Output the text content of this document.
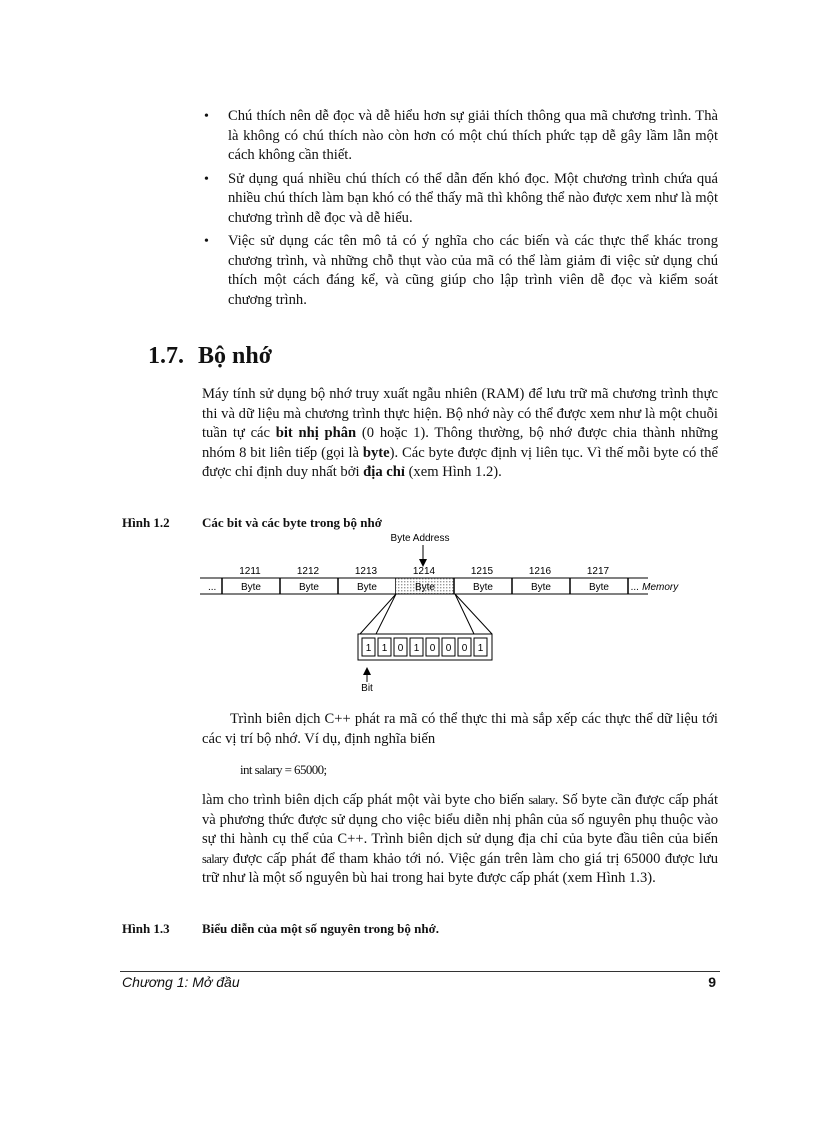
• Chú thích nên dễ đọc và dễ hiểu hơn sự giải thích thông qua mã chương trình. Thà là không có chú thích nào còn hơn có một chú thích phức tạp dễ gây lầm lẫn một cách không cần thiết.
• Sử dụng quá nhiều chú thích có thể dẫn đến khó đọc. Một chương trình chứa quá nhiều chú thích làm bạn khó có thể thấy mã thì không thể nào được xem như là một chương trình dễ đọc và dễ hiểu.
• Việc sử dụng các tên mô tả có ý nghĩa cho các biến và các thực thể khác trong chương trình, và những chỗ thụt vào của mã có thể làm giảm đi việc sử dụng chú thích một cách đáng kể, và cũng giúp cho lập trình viên dễ đọc và kiểm soát chương trình.
1.7. Bộ nhớ

Máy tính sử dụng bộ nhớ truy xuất ngẫu nhiên (RAM) để lưu trữ mã chương trình thực thi và dữ liệu mà chương trình thực hiện. Bộ nhớ này có thể được xem như là một chuỗi tuần tự các bit nhị phân (0 hoặc 1). Thông thường, bộ nhớ được chia thành những nhóm 8 bit liên tiếp (gọi là byte). Các byte được định vị liên tục. Vì thế mỗi byte có thể được chỉ định duy nhất bởi địa chỉ (xem Hình 1.2).

Hình 1.2 Các bit và các byte trong bộ nhớ
Byte Address
1211	1212	1213	1214	1215	1216	1217
Byte	Byte	Byte	Byte	Byte	Byte	Byte
...	... Memory
1 1 0 1 0 0 0 1
Bit

Trình biên dịch C++ phát ra mã có thể thực thi mà sắp xếp các thực thể dữ liệu tới các vị trí bộ nhớ. Ví dụ, định nghĩa biến

int salary = 65000;

làm cho trình biên dịch cấp phát một vài byte cho biến salary. Số byte cần được cấp phát và phương thức được sử dụng cho việc biểu diễn nhị phân của số nguyên phụ thuộc vào sự thi hành cụ thể của C++. Trình biên dịch sử dụng địa chỉ của byte đầu tiên của biến salary được cấp phát để tham khảo tới nó. Việc gán trên làm cho giá trị 65000 được lưu trữ như là một số nguyên bù hai trong hai byte được cấp phát (xem Hình 1.3).

Hình 1.3 Biểu diễn của một số nguyên trong bộ nhớ.
Chương 1: Mở đầu	9
